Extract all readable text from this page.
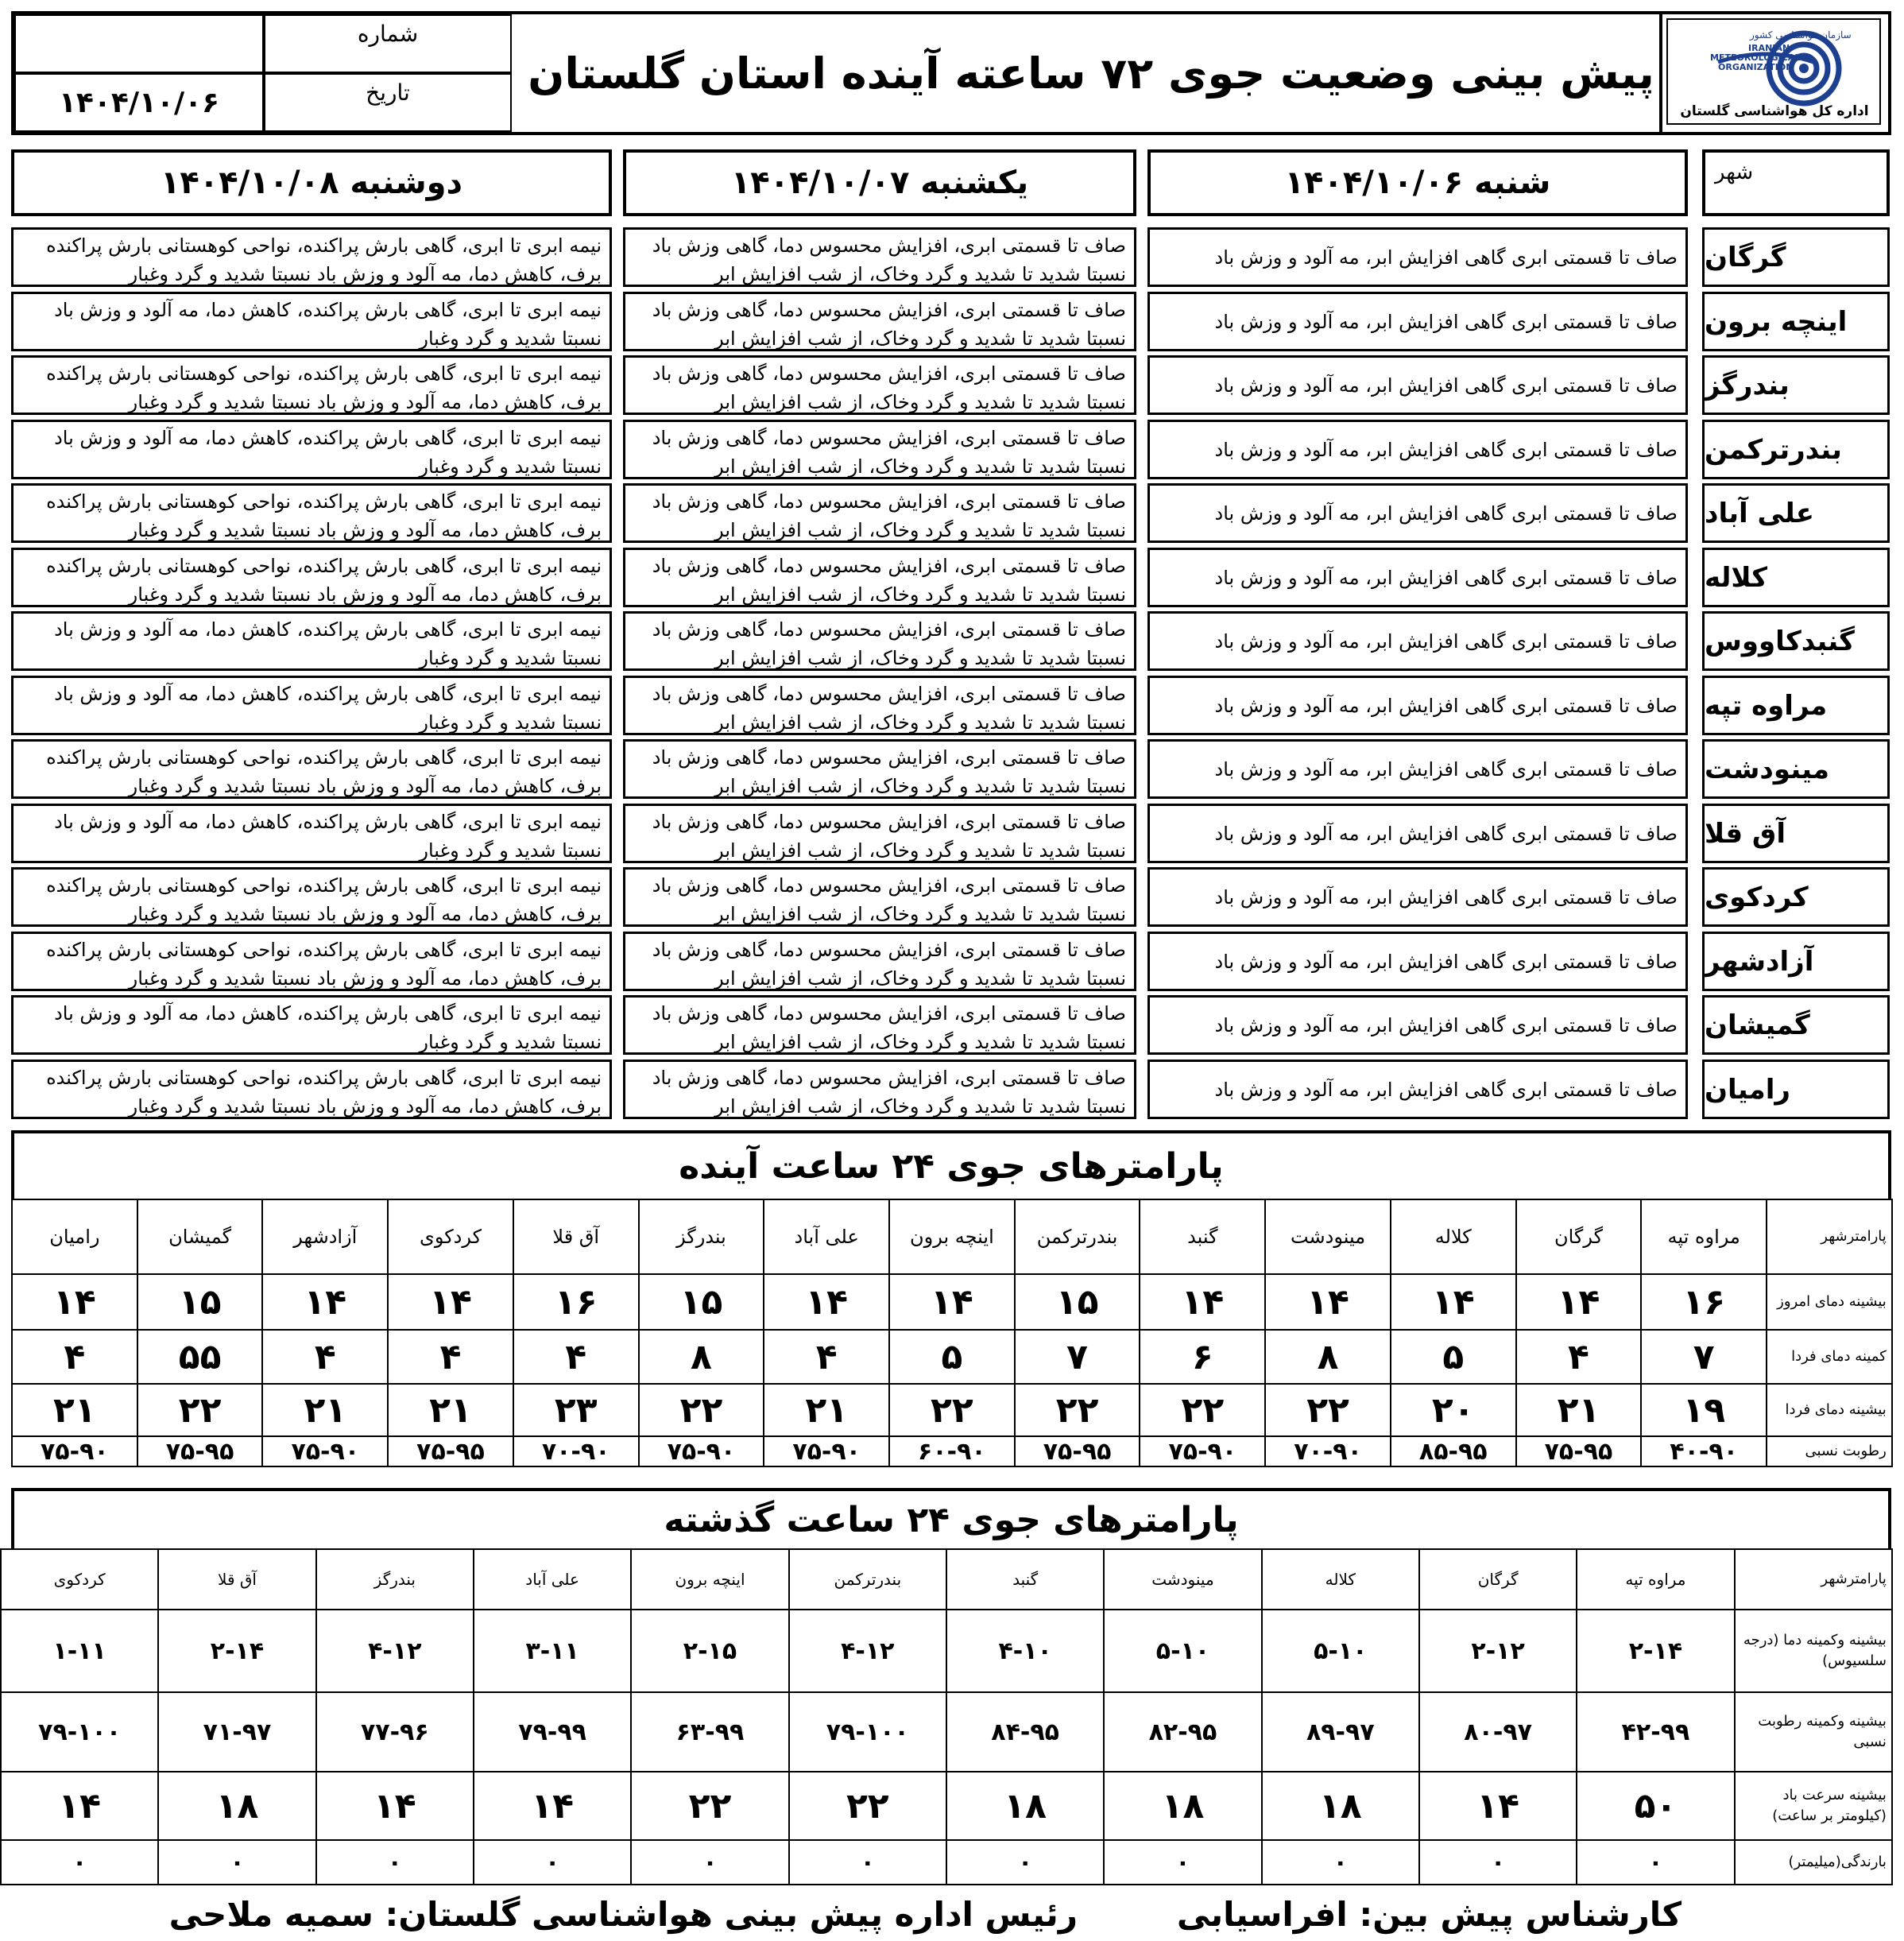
شماره
۱۴۰۴/۱۰/۰۶	تاریخ	پیش بینی وضعیت جوی ۷۲ ساعته آینده استان گلستان
سازمان هواشناسی کشور
IRANIAN
METEOROLOGICAL
ORGANIZATION
اداره کل هواشناسی گلستان
شهر
شنبه ۱۴۰۴/۱۰/۰۶
یکشنبه ۱۴۰۴/۱۰/۰۷
دوشنبه ۱۴۰۴/۱۰/۰۸
گرگان
صاف تا قسمتی ابری گاهی افزایش ابر، مه آلود و وزش باد
صاف تا قسمتی ابری، افزایش محسوس دما، گاهی وزش باد نسبتا شدید تا شدید و گرد وخاک، از شب افزایش ابر
نیمه ابری تا ابری، گاهی بارش پراکنده، نواحی کوهستانی بارش پراکنده برف، کاهش دما، مه آلود و وزش باد نسبتا شدید و گرد وغبار
اینچه برون
صاف تا قسمتی ابری گاهی افزایش ابر، مه آلود و وزش باد
صاف تا قسمتی ابری، افزایش محسوس دما، گاهی وزش باد نسبتا شدید تا شدید و گرد وخاک، از شب افزایش ابر
نیمه ابری تا ابری، گاهی بارش پراکنده، کاهش دما، مه آلود و وزش باد نسبتا شدید و گرد وغبار
بندرگز
صاف تا قسمتی ابری گاهی افزایش ابر، مه آلود و وزش باد
صاف تا قسمتی ابری، افزایش محسوس دما، گاهی وزش باد نسبتا شدید تا شدید و گرد وخاک، از شب افزایش ابر
نیمه ابری تا ابری، گاهی بارش پراکنده، نواحی کوهستانی بارش پراکنده برف، کاهش دما، مه آلود و وزش باد نسبتا شدید و گرد وغبار
بندرترکمن
صاف تا قسمتی ابری گاهی افزایش ابر، مه آلود و وزش باد
صاف تا قسمتی ابری، افزایش محسوس دما، گاهی وزش باد نسبتا شدید تا شدید و گرد وخاک، از شب افزایش ابر
نیمه ابری تا ابری، گاهی بارش پراکنده، کاهش دما، مه آلود و وزش باد نسبتا شدید و گرد وغبار
علی آباد
صاف تا قسمتی ابری گاهی افزایش ابر، مه آلود و وزش باد
صاف تا قسمتی ابری، افزایش محسوس دما، گاهی وزش باد نسبتا شدید تا شدید و گرد وخاک، از شب افزایش ابر
نیمه ابری تا ابری، گاهی بارش پراکنده، نواحی کوهستانی بارش پراکنده برف، کاهش دما، مه آلود و وزش باد نسبتا شدید و گرد وغبار
کلاله
صاف تا قسمتی ابری گاهی افزایش ابر، مه آلود و وزش باد
صاف تا قسمتی ابری، افزایش محسوس دما، گاهی وزش باد نسبتا شدید تا شدید و گرد وخاک، از شب افزایش ابر
نیمه ابری تا ابری، گاهی بارش پراکنده، نواحی کوهستانی بارش پراکنده برف، کاهش دما، مه آلود و وزش باد نسبتا شدید و گرد وغبار
گنبدکاووس
صاف تا قسمتی ابری گاهی افزایش ابر، مه آلود و وزش باد
صاف تا قسمتی ابری، افزایش محسوس دما، گاهی وزش باد نسبتا شدید تا شدید و گرد وخاک، از شب افزایش ابر
نیمه ابری تا ابری، گاهی بارش پراکنده، کاهش دما، مه آلود و وزش باد نسبتا شدید و گرد وغبار
مراوه تپه
صاف تا قسمتی ابری گاهی افزایش ابر، مه آلود و وزش باد
صاف تا قسمتی ابری، افزایش محسوس دما، گاهی وزش باد نسبتا شدید تا شدید و گرد وخاک، از شب افزایش ابر
نیمه ابری تا ابری، گاهی بارش پراکنده، کاهش دما، مه آلود و وزش باد نسبتا شدید و گرد وغبار
مینودشت
صاف تا قسمتی ابری گاهی افزایش ابر، مه آلود و وزش باد
صاف تا قسمتی ابری، افزایش محسوس دما، گاهی وزش باد نسبتا شدید تا شدید و گرد وخاک، از شب افزایش ابر
نیمه ابری تا ابری، گاهی بارش پراکنده، نواحی کوهستانی بارش پراکنده برف، کاهش دما، مه آلود و وزش باد نسبتا شدید و گرد وغبار
آق قلا
صاف تا قسمتی ابری گاهی افزایش ابر، مه آلود و وزش باد
صاف تا قسمتی ابری، افزایش محسوس دما، گاهی وزش باد نسبتا شدید تا شدید و گرد وخاک، از شب افزایش ابر
نیمه ابری تا ابری، گاهی بارش پراکنده، کاهش دما، مه آلود و وزش باد نسبتا شدید و گرد وغبار
کردکوی
صاف تا قسمتی ابری گاهی افزایش ابر، مه آلود و وزش باد
صاف تا قسمتی ابری، افزایش محسوس دما، گاهی وزش باد نسبتا شدید تا شدید و گرد وخاک، از شب افزایش ابر
نیمه ابری تا ابری، گاهی بارش پراکنده، نواحی کوهستانی بارش پراکنده برف، کاهش دما، مه آلود و وزش باد نسبتا شدید و گرد وغبار
آزادشهر
صاف تا قسمتی ابری گاهی افزایش ابر، مه آلود و وزش باد
صاف تا قسمتی ابری، افزایش محسوس دما، گاهی وزش باد نسبتا شدید تا شدید و گرد وخاک، از شب افزایش ابر
نیمه ابری تا ابری، گاهی بارش پراکنده، نواحی کوهستانی بارش پراکنده برف، کاهش دما، مه آلود و وزش باد نسبتا شدید و گرد وغبار
گمیشان
صاف تا قسمتی ابری گاهی افزایش ابر، مه آلود و وزش باد
صاف تا قسمتی ابری، افزایش محسوس دما، گاهی وزش باد نسبتا شدید تا شدید و گرد وخاک، از شب افزایش ابر
نیمه ابری تا ابری، گاهی بارش پراکنده، کاهش دما، مه آلود و وزش باد نسبتا شدید و گرد وغبار
رامیان
صاف تا قسمتی ابری گاهی افزایش ابر، مه آلود و وزش باد
صاف تا قسمتی ابری، افزایش محسوس دما، گاهی وزش باد نسبتا شدید تا شدید و گرد وخاک، از شب افزایش ابر
نیمه ابری تا ابری، گاهی بارش پراکنده، نواحی کوهستانی بارش پراکنده برف، کاهش دما، مه آلود و وزش باد نسبتا شدید و گرد وغبار
پارامترهای جوی ۲۴ ساعت آینده
پارامترشهر	مراوه تپه	گرگان	کلاله	مینودشت	گنبد	بندرترکمن	اینچه برون	علی آباد	بندرگز	آق قلا	کردکوی	آزادشهر	گمیشان	رامیان
بیشینه دمای امروز	۱۶	۱۴	۱۴	۱۴	۱۴	۱۵	۱۴	۱۴	۱۵	۱۶	۱۴	۱۴	۱۵	۱۴
کمینه دمای فردا	۷	۴	۵	۸	۶	۷	۵	۴	۸	۴	۴	۴	۵۵	۴
بیشینه دمای فردا	۱۹	۲۱	۲۰	۲۲	۲۲	۲۲	۲۲	۲۱	۲۲	۲۳	۲۱	۲۱	۲۲	۲۱
رطوبت نسبی	۴۰-۹۰	۷۵-۹۵	۸۵-۹۵	۷۰-۹۰	۷۵-۹۰	۷۵-۹۵	۶۰-۹۰	۷۵-۹۰	۷۵-۹۰	۷۰-۹۰	۷۵-۹۵	۷۵-۹۰	۷۵-۹۵	۷۵-۹۰
پارامترهای جوی ۲۴ ساعت گذشته
پارامترشهر	مراوه تپه	گرگان	کلاله	مینودشت	گنبد	بندرترکمن	اینچه برون	علی آباد	بندرگز	آق قلا	کردکوی
بیشینه وکمینه دما (درجه سلسیوس)	۲-۱۴	۲-۱۲	۵-۱۰	۵-۱۰	۴-۱۰	۴-۱۲	۲-۱۵	۳-۱۱	۴-۱۲	۲-۱۴	۱-۱۱
بیشینه وکمینه رطوبت نسبی	۴۲-۹۹	۸۰-۹۷	۸۹-۹۷	۸۲-۹۵	۸۴-۹۵	۷۹-۱۰۰	۶۳-۹۹	۷۹-۹۹	۷۷-۹۶	۷۱-۹۷	۷۹-۱۰۰
بیشینه سرعت باد (کیلومتر بر ساعت)	۵۰	۱۴	۱۸	۱۸	۱۸	۲۲	۲۲	۱۴	۱۴	۱۸	۱۴
بارندگی(میلیمتر)	۰	۰	۰	۰	۰	۰	۰	۰	۰	۰	۰
کارشناس پیش بین: افراسیابی
رئیس اداره پیش بینی هواشناسی گلستان: سمیه ملاحی
